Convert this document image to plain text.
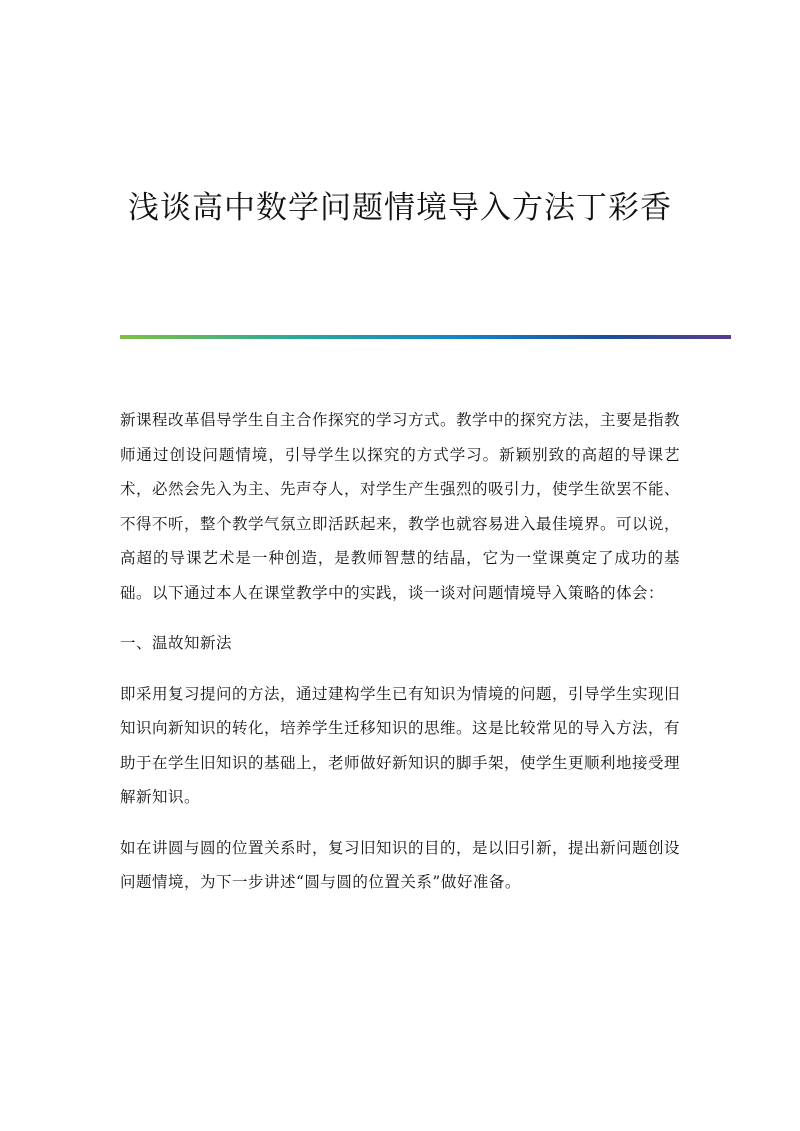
浅谈高中数学问题情境导入方法丁彩香

新课程改革倡导学生自主合作探究的学习方式。教学中的探究方法，主要是指教师通过创设问题情境，引导学生以探究的方式学习。新颖别致的高超的导课艺术，必然会先入为主、先声夺人，对学生产生强烈的吸引力，使学生欲罢不能、不得不听，整个教学气氛立即活跃起来，教学也就容易进入最佳境界。可以说，高超的导课艺术是一种创造，是教师智慧的结晶，它为一堂课奠定了成功的基础。以下通过本人在课堂教学中的实践，谈一谈对问题情境导入策略的体会：

一、温故知新法

即采用复习提问的方法，通过建构学生已有知识为情境的问题，引导学生实现旧知识向新知识的转化，培养学生迁移知识的思维。这是比较常见的导入方法，有助于在学生旧知识的基础上，老师做好新知识的脚手架，使学生更顺利地接受理解新知识。

如在讲圆与圆的位置关系时，复习旧知识的目的，是以旧引新，提出新问题创设问题情境，为下一步讲述“圆与圆的位置关系”做好准备。
